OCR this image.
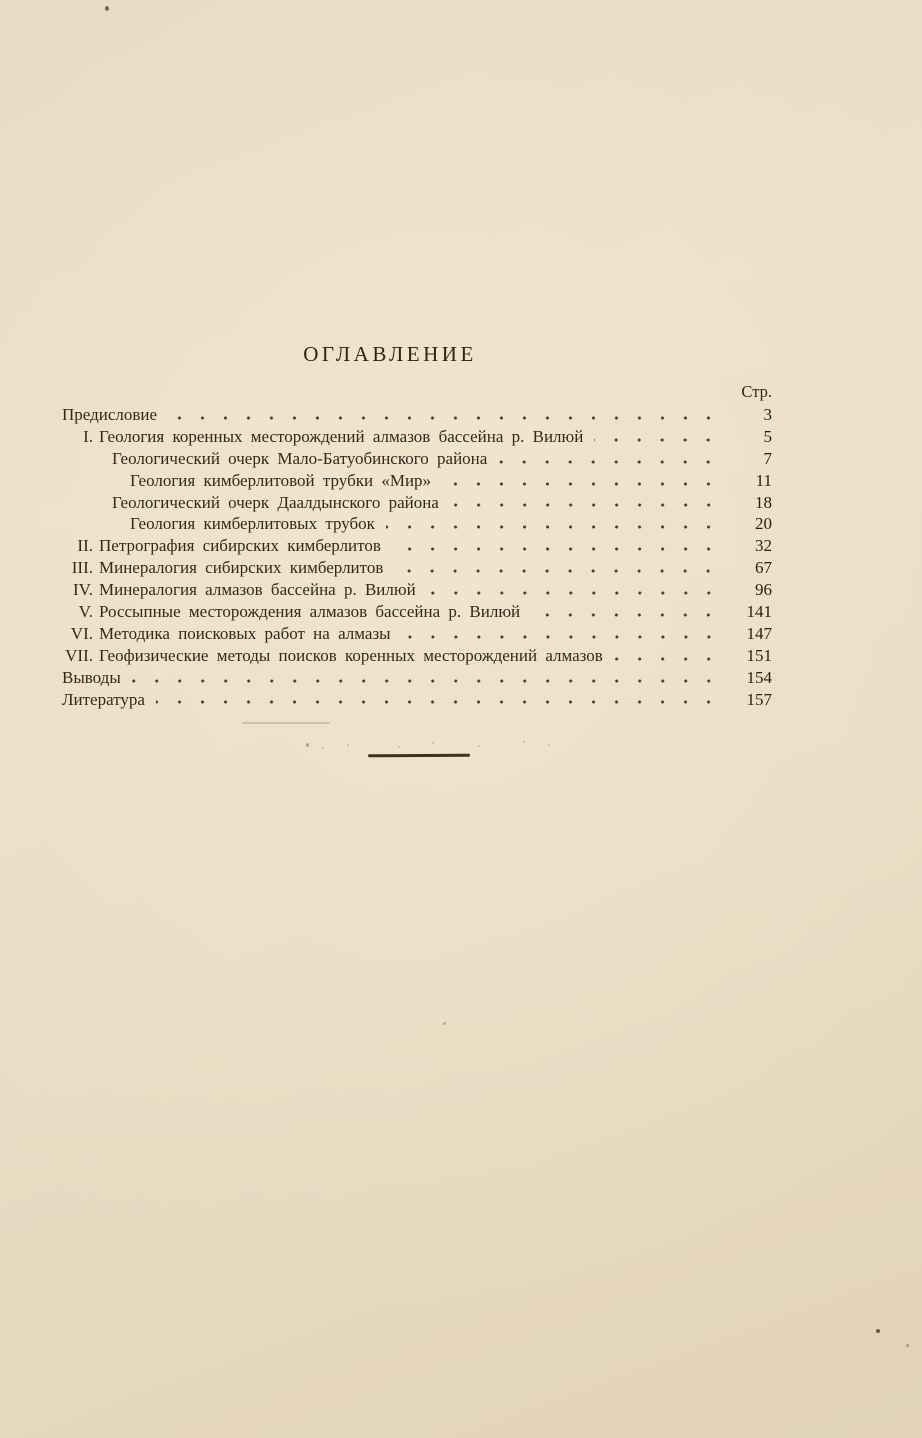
ОГЛАВЛЕНИЕ
Стр.
Предисловие	3
I. Геология коренных месторождений алмазов бассейна р. Вилюй	5
Геологический очерк Мало-Батуобинского района	7
Геология кимберлитовой трубки «Мир»	11
Геологический очерк Даалдынского района	18
Геология кимберлитовых трубок	20
II. Петрография сибирских кимберлитов	32
III. Минералогия сибирских кимберлитов	67
IV. Минералогия алмазов бассейна р. Вилюй	96
V. Россыпные месторождения алмазов бассейна р. Вилюй	141
VI. Методика поисковых работ на алмазы	147
VII. Геофизические методы поисков коренных месторождений алмазов	151
Выводы	154
Литература	157
